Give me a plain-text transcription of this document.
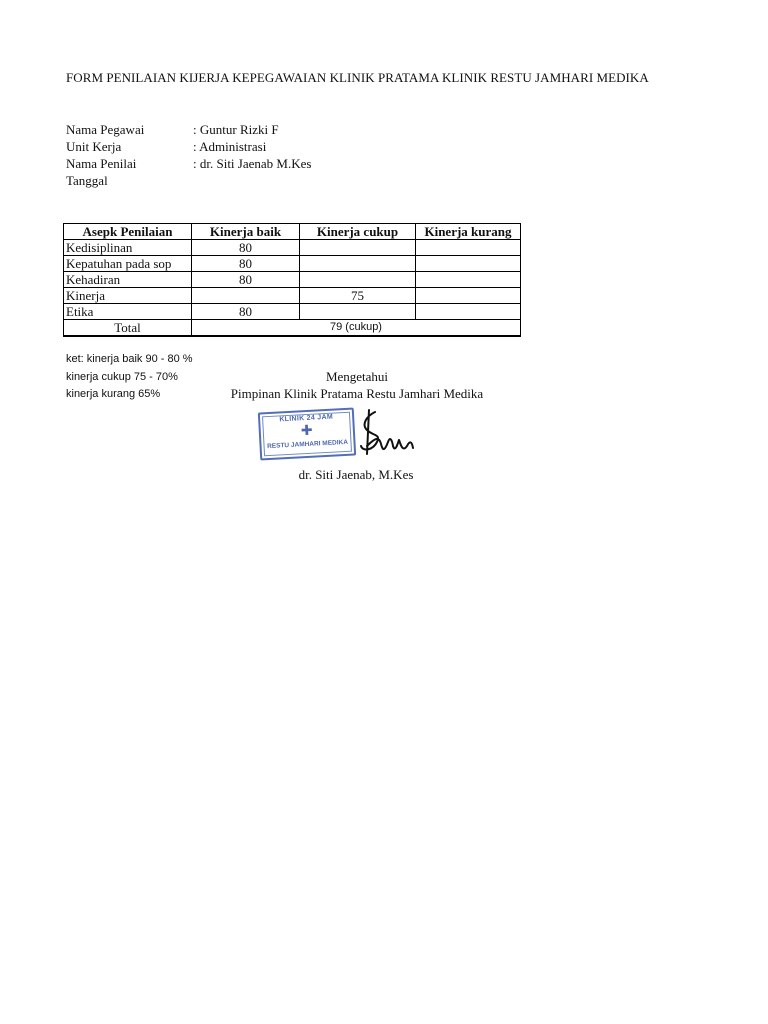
FORM PENILAIAN KIJERJA KEPEGAWAIAN KLINIK PRATAMA KLINIK RESTU JAMHARI MEDIKA
Nama Pegawai	: Guntur Rizki F
Unit Kerja	: Administrasi
Nama Penilai	: dr. Siti Jaenab M.Kes
Tanggal
Asepk Penilaian	Kinerja baik	Kinerja cukup	Kinerja kurang
Kedisiplinan	80		
Kepatuhan pada sop	80		
Kehadiran	80		
Kinerja		75	
Etika	80		
Total	79 (cukup)		
ket: kinerja baik 90 - 80 %
kinerja cukup 75 - 70%
kinerja kurang 65%
Mengetahui
Pimpinan Klinik Pratama Restu Jamhari Medika
KLINIK 24 JAM
✚
RESTU JAMHARI MEDIKA
dr. Siti Jaenab, M.Kes
